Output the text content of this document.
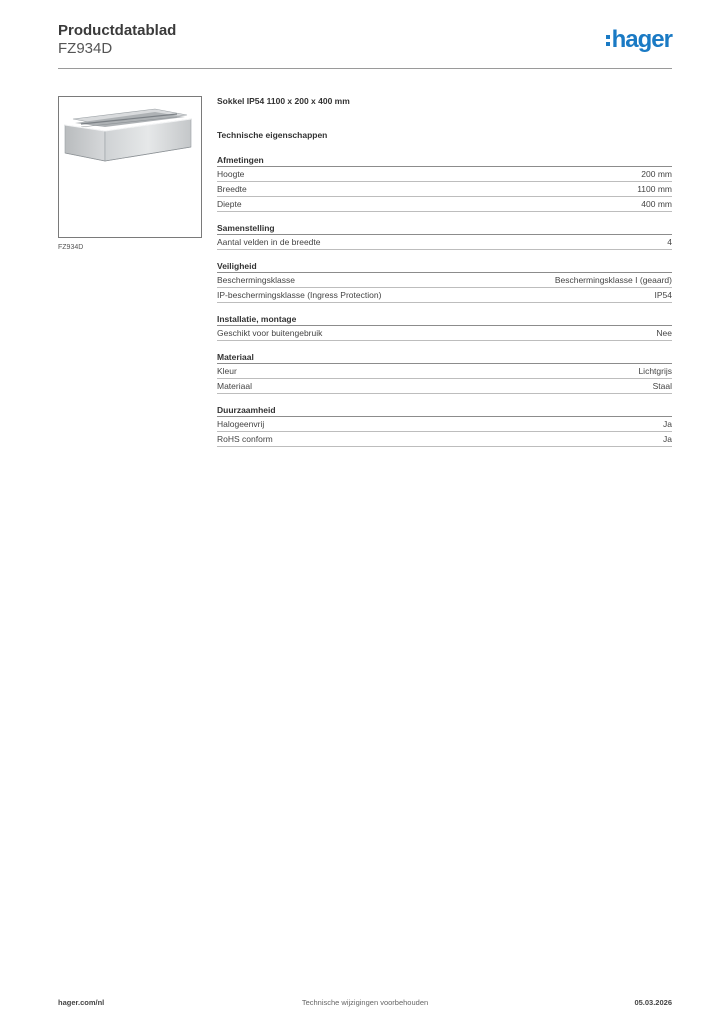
Productdatablad
FZ934D	hager
FZ934D
Sokkel IP54 1100 x 200 x 400 mm
Technische eigenschappen
Afmetingen
Hoogte	200 mm
Breedte	1100 mm
Diepte	400 mm
Samenstelling
Aantal velden in de breedte	4
Veiligheid
Beschermingsklasse	Beschermingsklasse I (geaard)
IP-beschermingsklasse (Ingress Protection)	IP54
Installatie, montage
Geschikt voor buitengebruik	Nee
Materiaal
Kleur	Lichtgrijs
Materiaal	Staal
Duurzaamheid
Halogeenvrij	Ja
RoHS conform	Ja
hager.com/nl	Technische wijzigingen voorbehouden	05.03.2026
